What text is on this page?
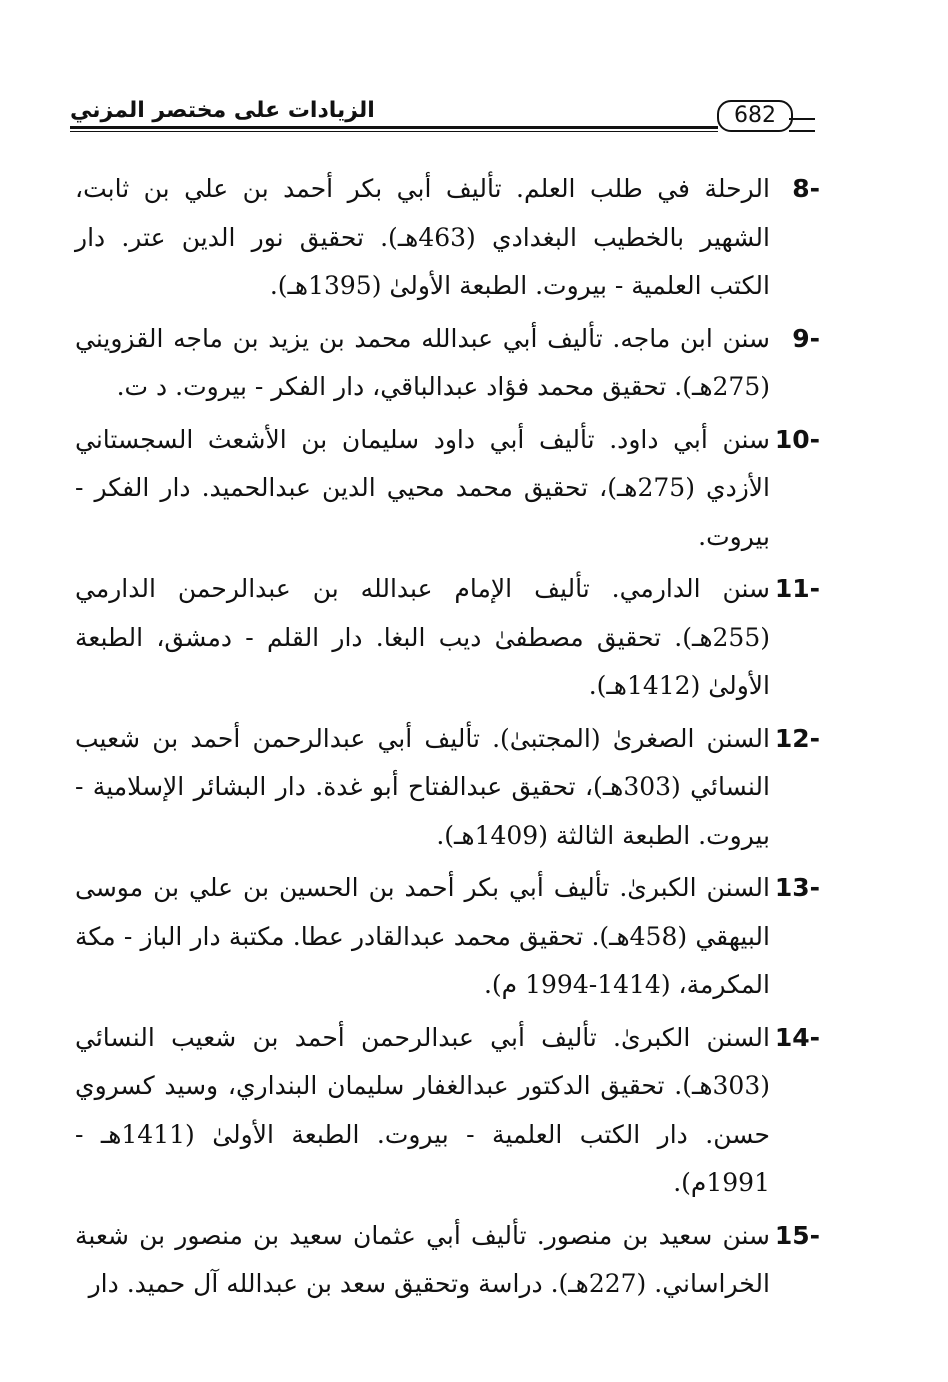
الزيادات على مختصر المزني	682
8-
الرحلة في طلب العلم. تأليف أبي بكر أحمد بن علي بن ثابت، الشهير بالخطيب البغدادي (463هـ). تحقيق نور الدين عتر. دار الكتب العلمية - بيروت. الطبعة الأولىٰ (1395هـ).
9-
سنن ابن ماجه. تأليف أبي عبدالله محمد بن يزيد بن ماجه القزويني (275هـ). تحقيق محمد فؤاد عبدالباقي، دار الفكر - بيروت. د ت.
10-
سنن أبي داود. تأليف أبي داود سليمان بن الأشعث السجستاني الأزدي (275هـ)، تحقيق محمد محيي الدين عبدالحميد. دار الفكر - بيروت.
11-
سنن الدارمي. تأليف الإمام عبدالله بن عبدالرحمن الدارمي (255هـ). تحقيق مصطفىٰ ديب البغا. دار القلم - دمشق، الطبعة الأولىٰ (1412هـ).
12-
السنن الصغرىٰ (المجتبىٰ). تأليف أبي عبدالرحمن أحمد بن شعيب النسائي (303هـ)، تحقيق عبدالفتاح أبو غدة. دار البشائر الإسلامية - بيروت. الطبعة الثالثة (1409هـ).
13-
السنن الكبرىٰ. تأليف أبي بكر أحمد بن الحسين بن علي بن موسى البيهقي (458هـ). تحقيق محمد عبدالقادر عطا. مكتبة دار الباز - مكة المكرمة، (1414-1994 م).
14-
السنن الكبرىٰ. تأليف أبي عبدالرحمن أحمد بن شعيب النسائي (303هـ). تحقيق الدكتور عبدالغفار سليمان البنداري، وسيد كسروي حسن. دار الكتب العلمية - بيروت. الطبعة الأولىٰ (1411هـ - 1991م).
15-
سنن سعيد بن منصور. تأليف أبي عثمان سعيد بن منصور بن شعبة الخراساني. (227هـ). دراسة وتحقيق سعد بن عبدالله آل حميد. دار
